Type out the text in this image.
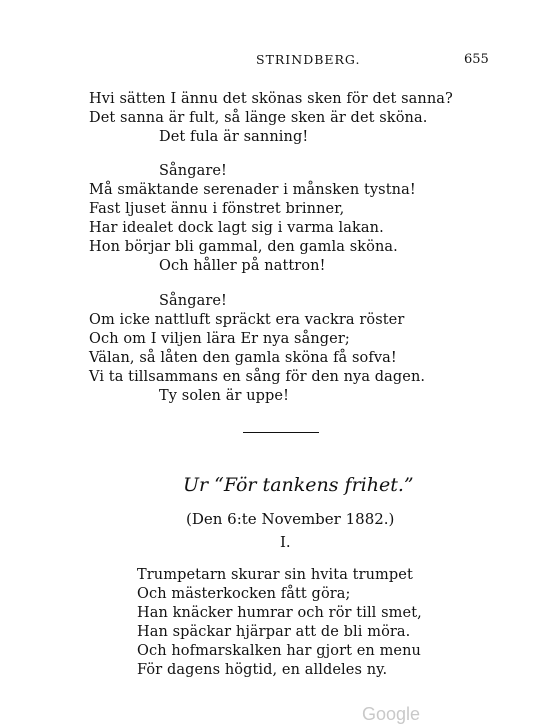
STRINDBERG.	655
Hvi sätten I ännu det skönas sken för det sanna?
Det sanna är fult, så länge sken är det sköna.
Det fula är sanning!
Sångare!
Må smäktande serenader i månsken tystna!
Fast ljuset ännu i fönstret brinner,
Har idealet dock lagt sig i varma lakan.
Hon börjar bli gammal, den gamla sköna.
Och håller på nattron!
Sångare!
Om icke nattluft spräckt era vackra röster
Och om I viljen lära Er nya sånger;
Välan, så låten den gamla sköna få sofva!
Vi ta tillsammans en sång för den nya dagen.
Ty solen är uppe!
Ur “För tankens frihet.”
(Den 6:te November 1882.)
I.
Trumpetarn skurar sin hvita trumpet
Och mästerkocken fått göra;
Han knäcker humrar och rör till smet,
Han späckar hjärpar att de bli möra.
Och hofmarskalken har gjort en menu
För dagens högtid, en alldeles ny.
Google
